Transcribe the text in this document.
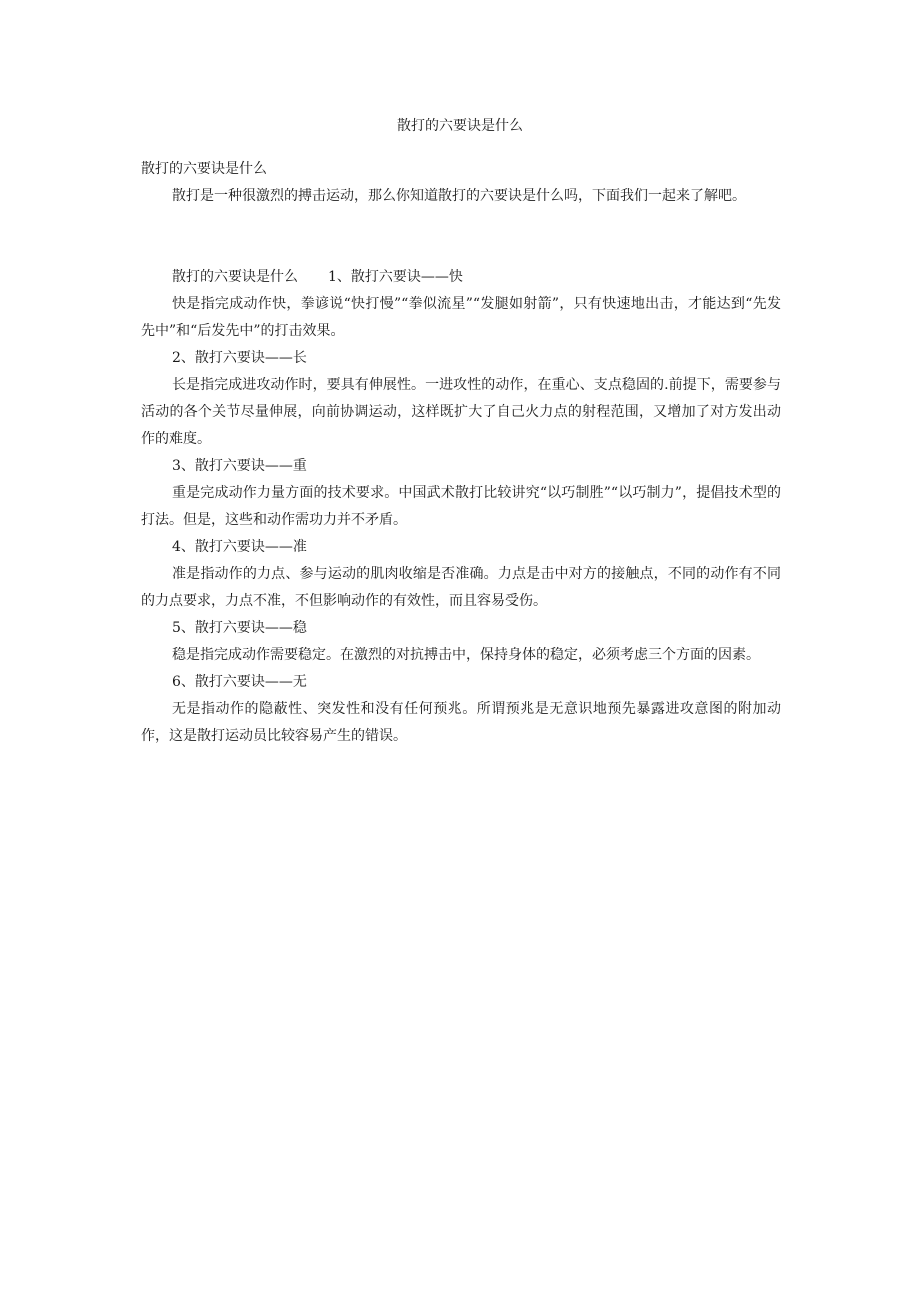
散打的六要诀是什么

散打的六要诀是什么

散打是一种很激烈的搏击运动，那么你知道散打的六要诀是什么吗，下面我们一起来了解吧。

散打的六要诀是什么 1、散打六要诀——快

快是指完成动作快，拳谚说“快打慢”“拳似流星”“发腿如射箭”，只有快速地出击，才能达到“先发先中”和“后发先中”的打击效果。

2、散打六要诀——长

长是指完成进攻动作时，要具有伸展性。一进攻性的动作，在重心、支点稳固的.前提下，需要参与活动的各个关节尽量伸展，向前协调运动，这样既扩大了自己火力点的射程范围，又增加了对方发出动作的难度。

3、散打六要诀——重

重是完成动作力量方面的技术要求。中国武术散打比较讲究“以巧制胜”“以巧制力”，提倡技术型的打法。但是，这些和动作需功力并不矛盾。

4、散打六要诀——准

准是指动作的力点、参与运动的肌肉收缩是否准确。力点是击中对方的接触点，不同的动作有不同的力点要求，力点不准，不但影响动作的有效性，而且容易受伤。

5、散打六要诀——稳

稳是指完成动作需要稳定。在激烈的对抗搏击中，保持身体的稳定，必须考虑三个方面的因素。

6、散打六要诀——无

无是指动作的隐蔽性、突发性和没有任何预兆。所谓预兆是无意识地预先暴露进攻意图的附加动作，这是散打运动员比较容易产生的错误。
